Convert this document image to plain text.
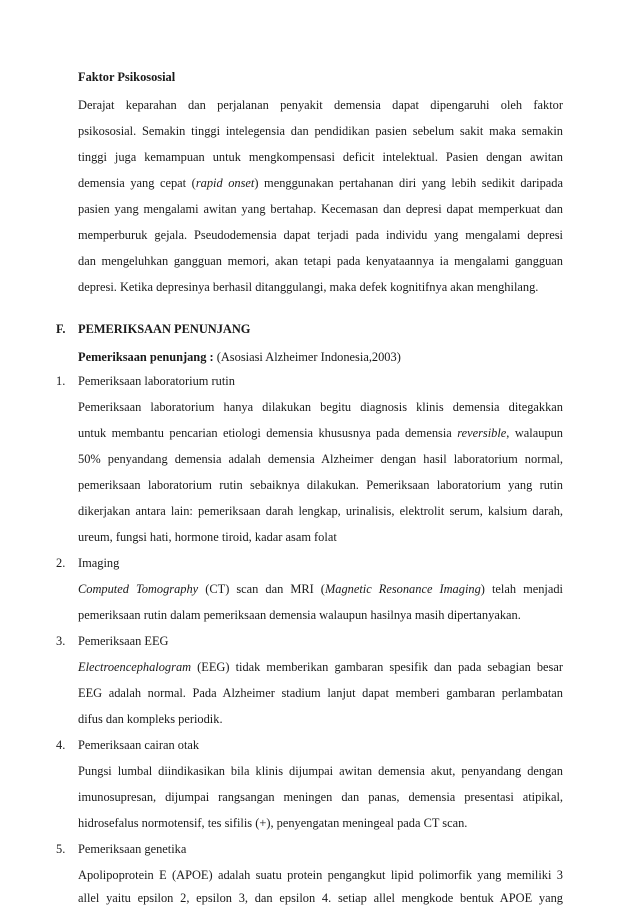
Faktor Psikososial
Derajat keparahan dan perjalanan penyakit demensia dapat dipengaruhi oleh faktor
psikososial. Semakin tinggi intelegensia dan pendidikan pasien sebelum sakit maka semakin
tinggi juga kemampuan untuk mengkompensasi deficit intelektual. Pasien dengan awitan
demensia yang cepat (rapid onset) menggunakan pertahanan diri yang lebih sedikit daripada
pasien yang mengalami awitan yang bertahap. Kecemasan dan depresi dapat memperkuat dan
memperburuk gejala. Pseudodemensia dapat terjadi pada individu yang mengalami depresi
dan mengeluhkan gangguan memori, akan tetapi pada kenyataannya ia mengalami gangguan
depresi. Ketika depresinya berhasil ditanggulangi, maka defek kognitifnya akan menghilang.
F. PEMERIKSAAN PENUNJANG
Pemeriksaan penunjang : (Asosiasi Alzheimer Indonesia,2003)
1. Pemeriksaan laboratorium rutin
Pemeriksaan laboratorium hanya dilakukan begitu diagnosis klinis demensia ditegakkan
untuk membantu pencarian etiologi demensia khususnya pada demensia reversible, walaupun
50% penyandang demensia adalah demensia Alzheimer dengan hasil laboratorium normal,
pemeriksaan laboratorium rutin sebaiknya dilakukan. Pemeriksaan laboratorium yang rutin
dikerjakan antara lain: pemeriksaan darah lengkap, urinalisis, elektrolit serum, kalsium darah,
ureum, fungsi hati, hormone tiroid, kadar asam folat
2. Imaging
Computed Tomography (CT) scan dan MRI (Magnetic Resonance Imaging) telah menjadi
pemeriksaan rutin dalam pemeriksaan demensia walaupun hasilnya masih dipertanyakan.
3. Pemeriksaan EEG
Electroencephalogram (EEG) tidak memberikan gambaran spesifik dan pada sebagian besar
EEG adalah normal. Pada Alzheimer stadium lanjut dapat memberi gambaran perlambatan
difus dan kompleks periodik.
4. Pemeriksaan cairan otak
Pungsi lumbal diindikasikan bila klinis dijumpai awitan demensia akut, penyandang dengan
imunosupresan, dijumpai rangsangan meningen dan panas, demensia presentasi atipikal,
hidrosefalus normotensif, tes sifilis (+), penyengatan meningeal pada CT scan.
5. Pemeriksaan genetika
Apolipoprotein E (APOE) adalah suatu protein pengangkut lipid polimorfik yang memiliki 3
allel yaitu epsilon 2, epsilon 3, dan epsilon 4. setiap allel mengkode bentuk APOE yang
